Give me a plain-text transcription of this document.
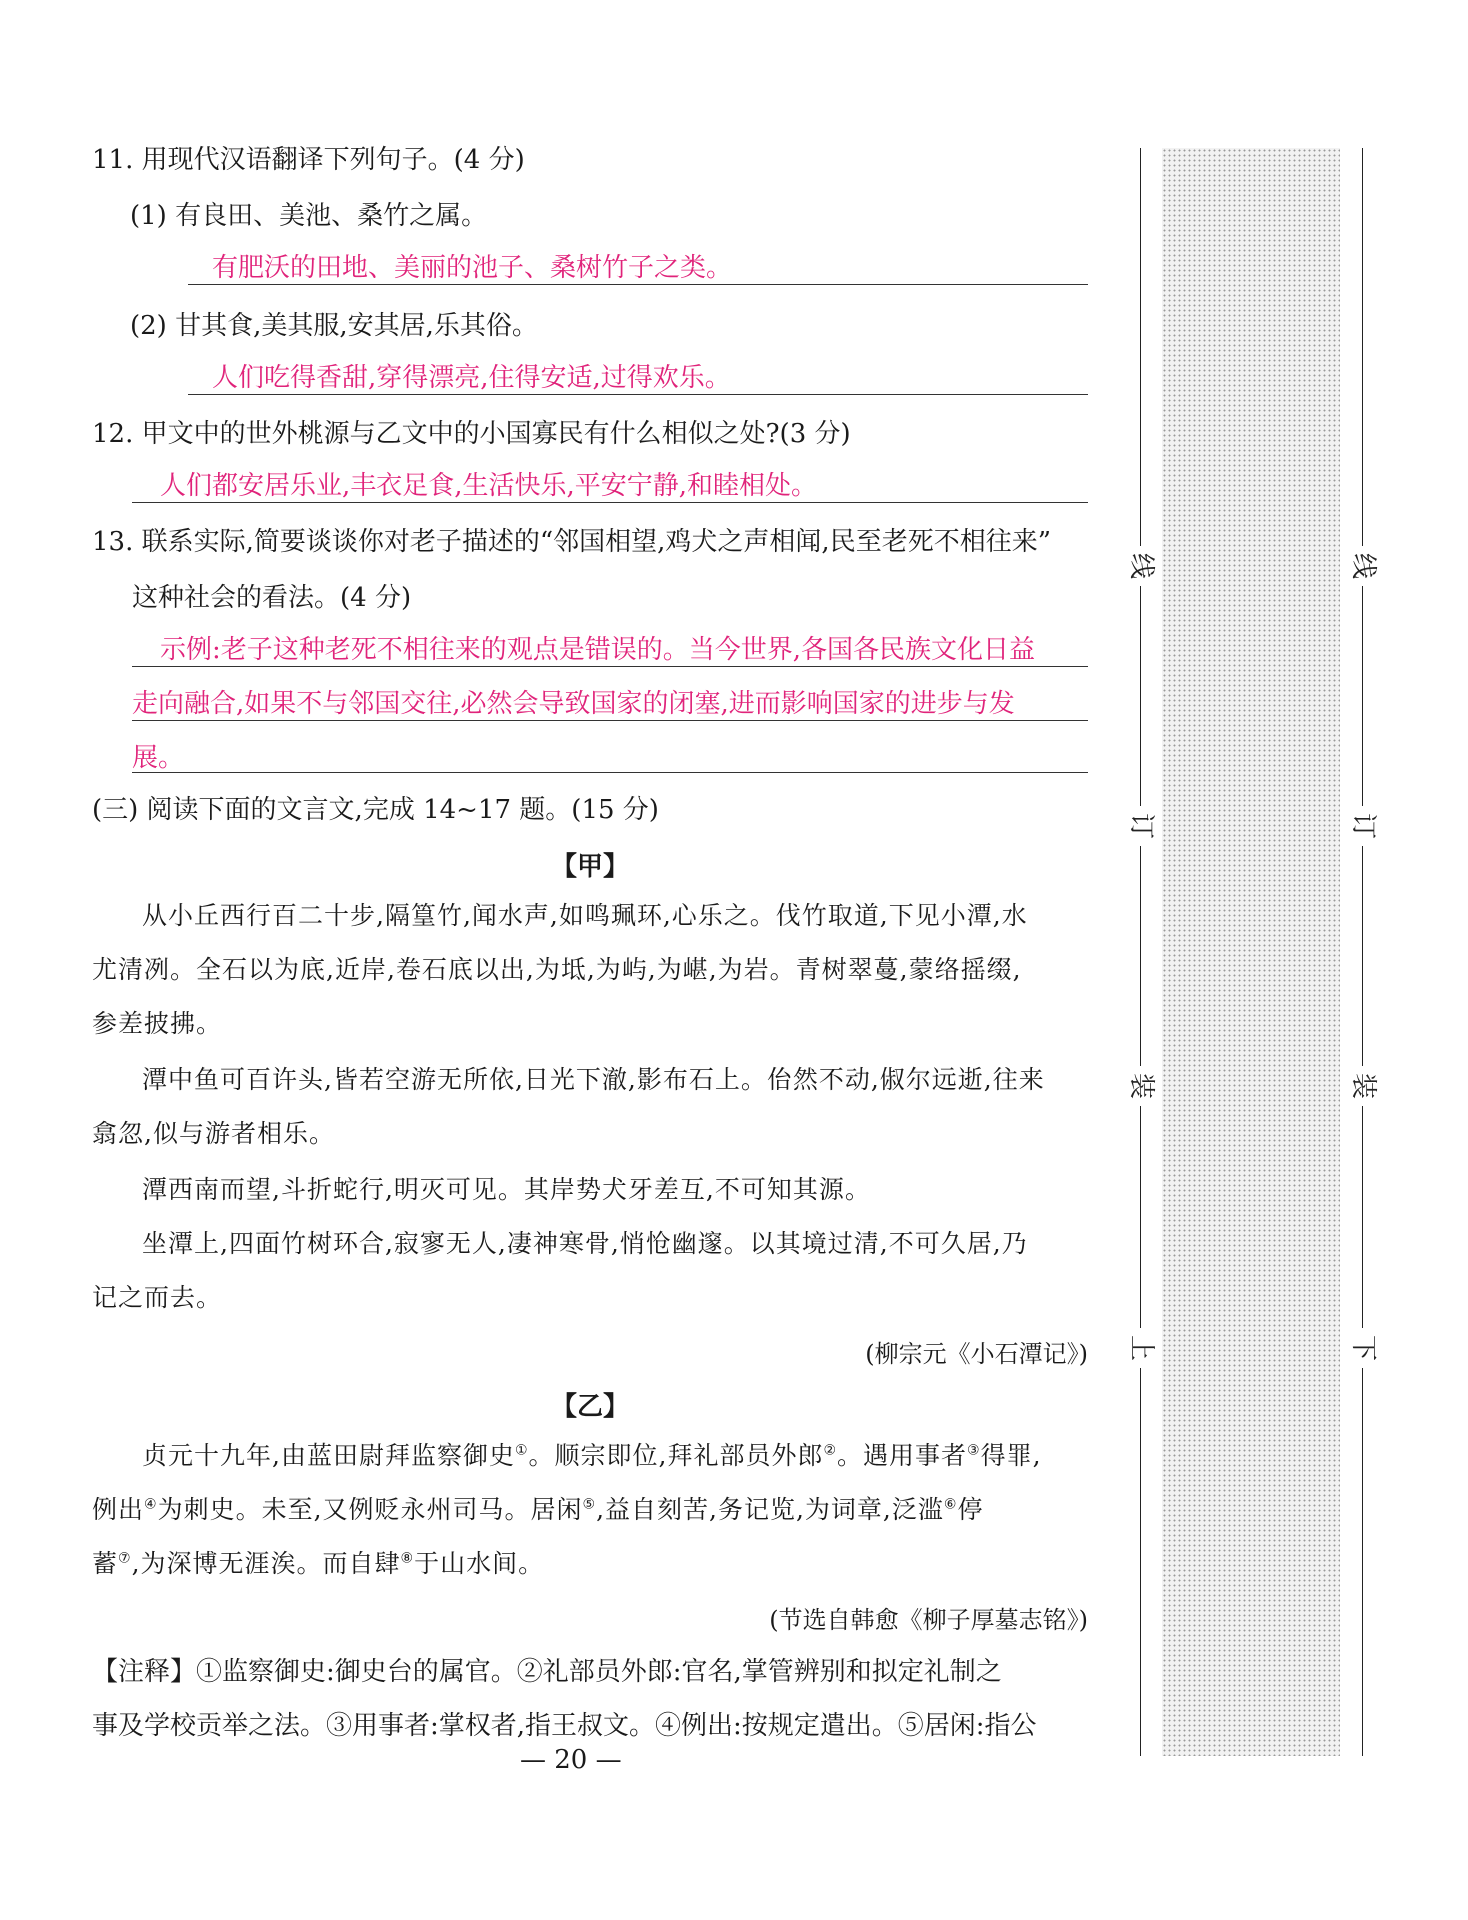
11. 用现代汉语翻译下列句子。(4 分)
(1) 有良田、美池、桑竹之属。
有肥沃的田地、美丽的池子、桑树竹子之类。
(2) 甘其食,美其服,安其居,乐其俗。
人们吃得香甜,穿得漂亮,住得安适,过得欢乐。
12. 甲文中的世外桃源与乙文中的小国寡民有什么相似之处?(3 分)
人们都安居乐业,丰衣足食,生活快乐,平安宁静,和睦相处。
13. 联系实际,简要谈谈你对老子描述的“邻国相望,鸡犬之声相闻,民至老死不相往来”
这种社会的看法。(4 分)
示例:老子这种老死不相往来的观点是错误的。当今世界,各国各民族文化日益
走向融合,如果不与邻国交往,必然会导致国家的闭塞,进而影响国家的进步与发
展。
(三) 阅读下面的文言文,完成 14~17 题。(15 分)
【甲】
从小丘西行百二十步,隔篁竹,闻水声,如鸣珮环,心乐之。伐竹取道,下见小潭,水
尤清冽。全石以为底,近岸,卷石底以出,为坻,为屿,为嵁,为岩。青树翠蔓,蒙络摇缀,
参差披拂。
潭中鱼可百许头,皆若空游无所依,日光下澈,影布石上。佁然不动,俶尔远逝,往来
翕忽,似与游者相乐。
潭西南而望,斗折蛇行,明灭可见。其岸势犬牙差互,不可知其源。
坐潭上,四面竹树环合,寂寥无人,凄神寒骨,悄怆幽邃。以其境过清,不可久居,乃
记之而去。
(柳宗元《小石潭记》)
【乙】
贞元十九年,由蓝田尉拜监察御史①。顺宗即位,拜礼部员外郎②。遇用事者③得罪,
例出④为刺史。未至,又例贬永州司马。居闲⑤,益自刻苦,务记览,为词章,泛滥⑥停
蓄⑦,为深博无涯涘。而自肆⑧于山水间。
(节选自韩愈《柳子厚墓志铭》)
【注释】①监察御史:御史台的属官。②礼部员外郎:官名,掌管辨别和拟定礼制之
事及学校贡举之法。③用事者:掌权者,指王叔文。④例出:按规定遣出。⑤居闲:指公
— 20 —
线
订
装
上
线
订
装
下
